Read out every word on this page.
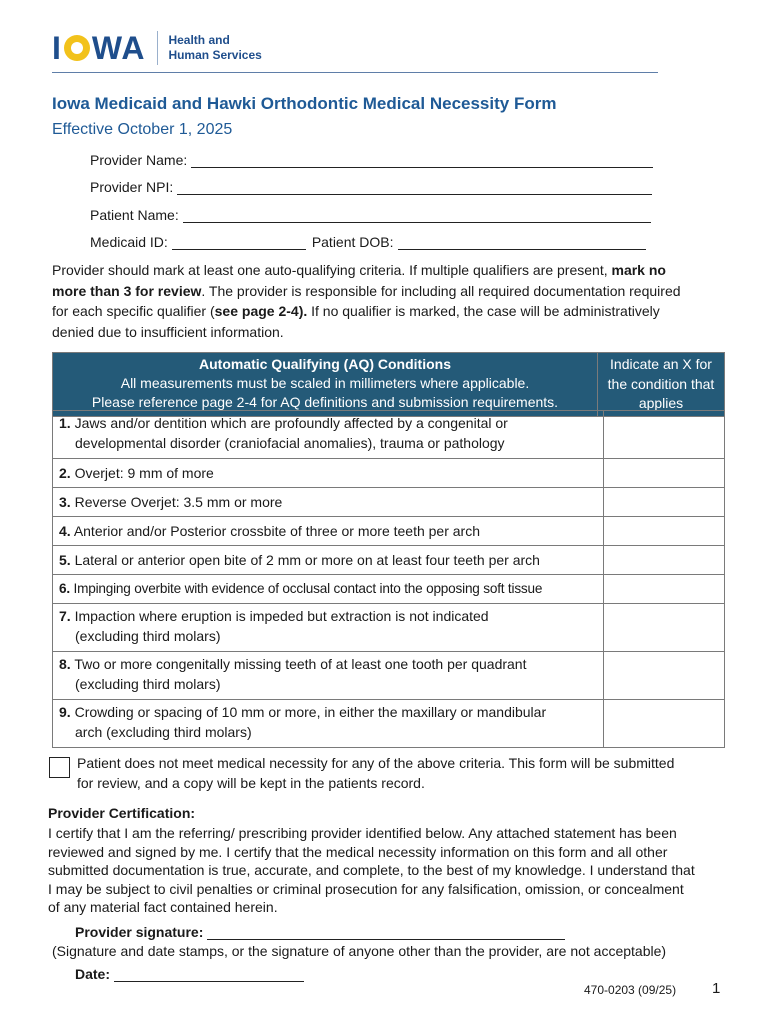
I WA Health and
Human Services
Iowa Medicaid and Hawki Orthodontic Medical Necessity Form
Effective October 1, 2025
Provider Name:
Provider NPI:
Patient Name:
Medicaid ID:	Patient DOB:
Provider should mark at least one auto-qualifying criteria. If multiple qualifiers are present, mark no more than 3 for review. The provider is responsible for including all required documentation required for each specific qualifier (see page 2-4). If no qualifier is marked, the case will be administratively denied due to insufficient information.
Automatic Qualifying (AQ) Conditions
All measurements must be scaled in millimeters where applicable.
Please reference page 2-4 for AQ definitions and submission requirements.	Indicate an X for the condition that applies
1. Jaws and/or dentition which are profoundly affected by a congenital or
developmental disorder (craniofacial anomalies), trauma or pathology	

2. Overjet: 9 mm of more	
3. Reverse Overjet: 3.5 mm or more	
4. Anterior and/or Posterior crossbite of three or more teeth per arch	
5. Lateral or anterior open bite of 2 mm or more on at least four teeth per arch	
6. Impinging overbite with evidence of occlusal contact into the opposing soft tissue	
7. Impaction where eruption is impeded but extraction is not indicated
(excluding third molars)	

8. Two or more congenitally missing teeth of at least one tooth per quadrant
(excluding third molars)	

9. Crowding or spacing of 10 mm or more, in either the maxillary or mandibular
arch (excluding third molars)	

Patient does not meet medical necessity for any of the above criteria. This form will be submitted for review, and a copy will be kept in the patients record.
Provider Certification:
I certify that I am the referring/ prescribing provider identified below. Any attached statement has been reviewed and signed by me. I certify that the medical necessity information on this form and all other submitted documentation is true, accurate, and complete, to the best of my knowledge. I understand that I may be subject to civil penalties or criminal prosecution for any falsification, omission, or concealment of any material fact contained herein.
Provider signature:
(Signature and date stamps, or the signature of anyone other than the provider, are not acceptable)
Date:
470-0203 (09/25) 1
